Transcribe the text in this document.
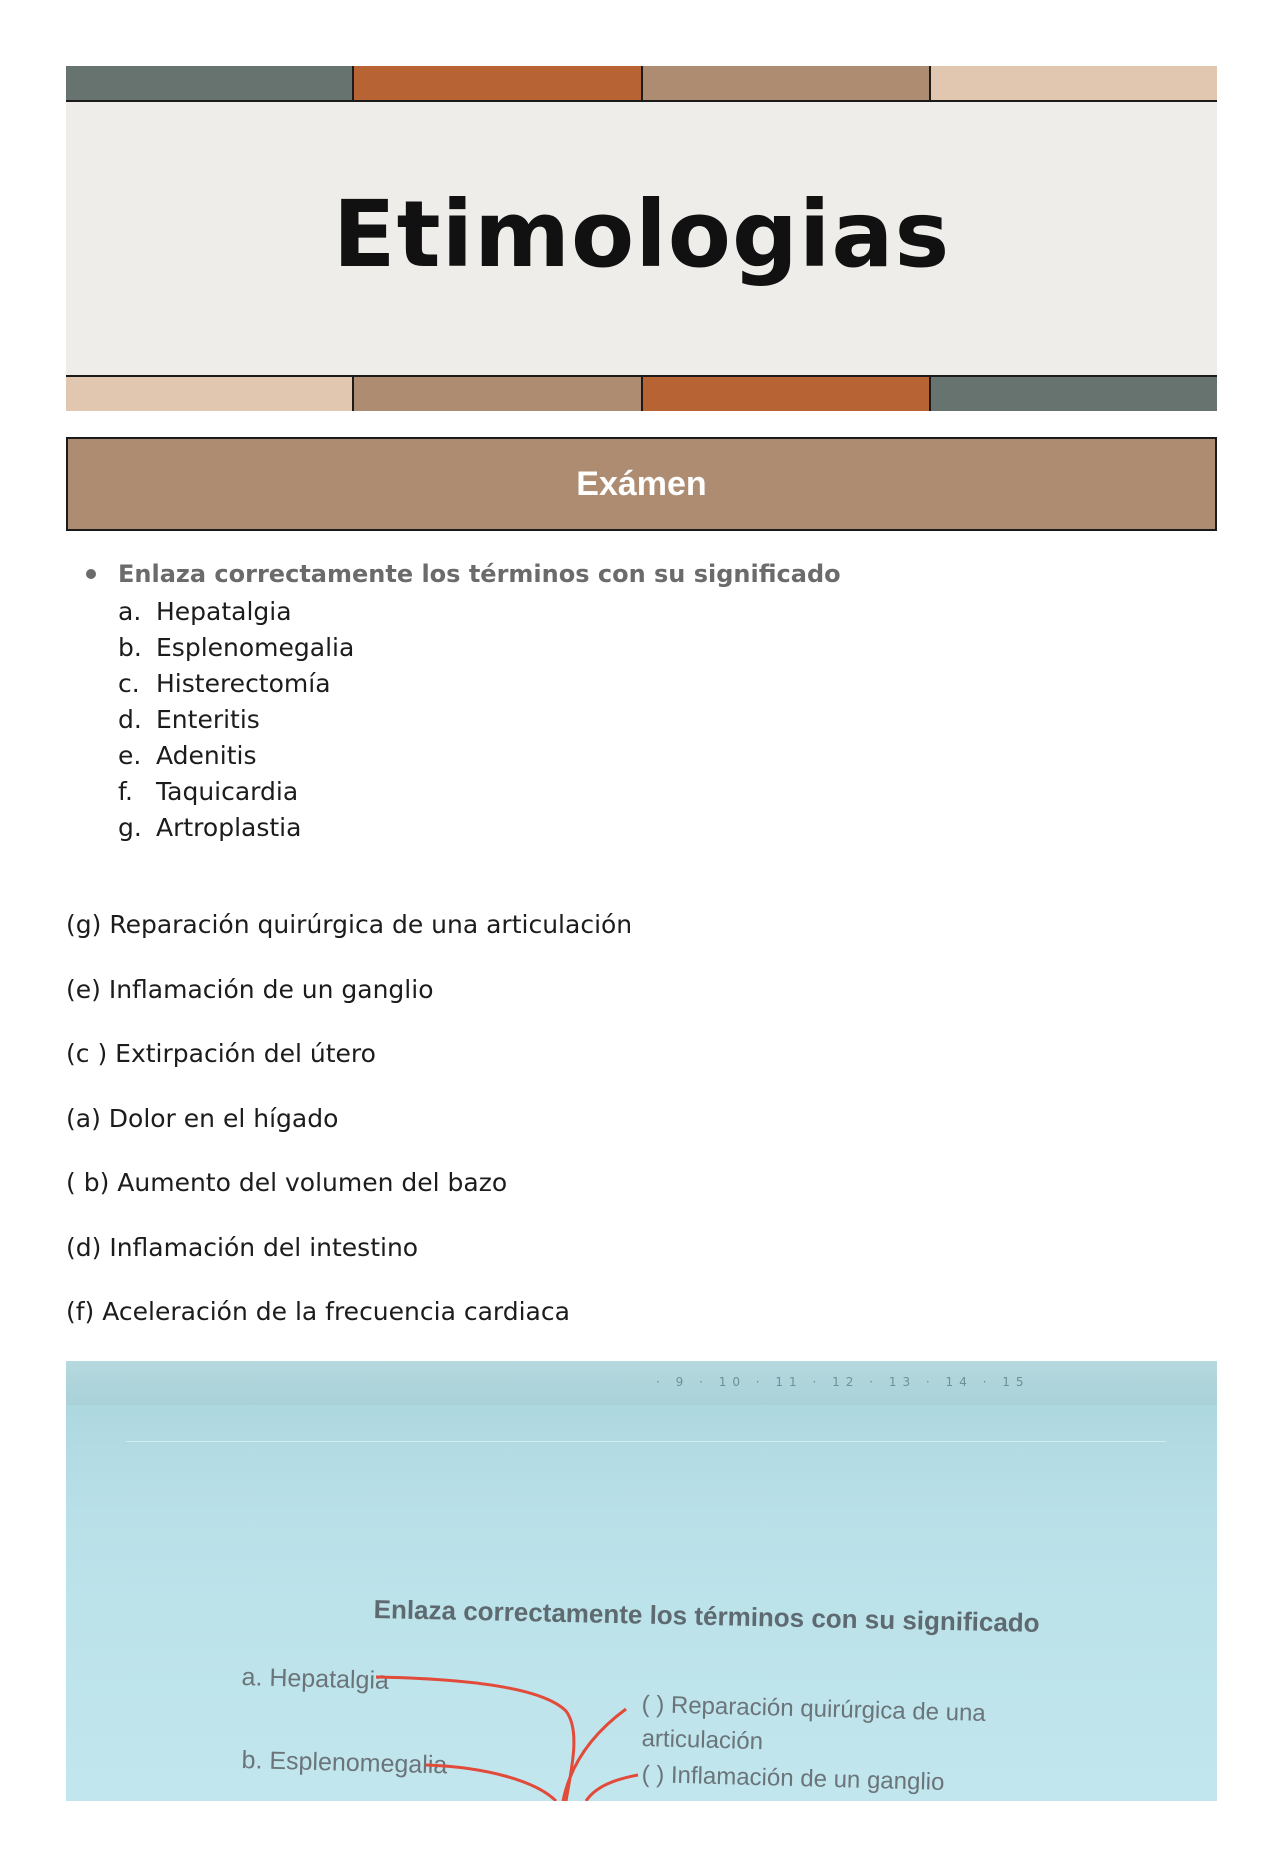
Etimologias
Exámen
Enlaza correctamente los términos con su significado
a. Hepatalgia
b. Esplenomegalia
c. Histerectomía
d. Enteritis
e. Adenitis
f. Taquicardia
g. Artroplastia
(g) Reparación quirúrgica de una articulación
(e) Inflamación de un ganglio
(c ) Extirpación del útero
(a) Dolor en el hígado
( b) Aumento del volumen del bazo
(d) Inflamación del intestino
(f) Aceleración de la frecuencia cardiaca
· 9 · 10 · 11 · 12 · 13 · 14 · 15
Enlaza correctamente los términos con su significado
a. Hepatalgia
b. Esplenomegalia
( ) Reparación quirúrgica de una
articulación
( ) Inflamación de un ganglio
